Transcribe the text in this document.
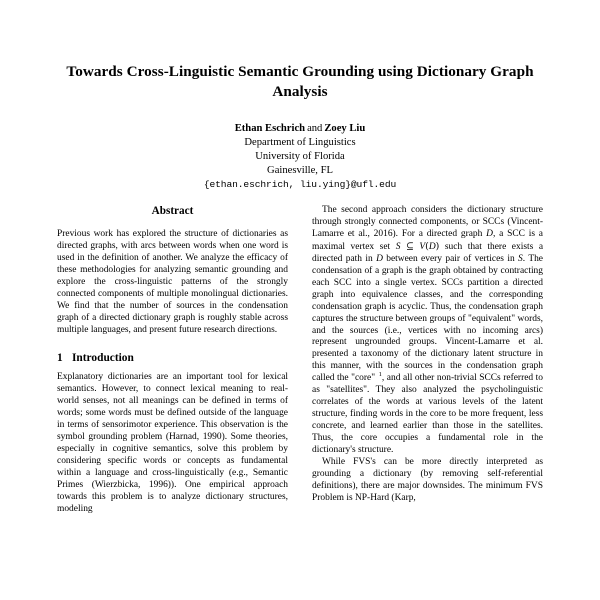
Towards Cross-Linguistic Semantic Grounding using Dictionary Graph Analysis
Ethan Eschrich and Zoey Liu
Department of Linguistics
University of Florida
Gainesville, FL
{ethan.eschrich, liu.ying}@ufl.edu
Abstract

Previous work has explored the structure of dictionaries as directed graphs, with arcs between words when one word is used in the definition of another. We analyze the efficacy of these methodologies for analyzing semantic grounding and explore the cross-linguistic patterns of the strongly connected components of multiple monolingual dictionaries. We find that the number of sources in the condensation graph of a directed dictionary graph is roughly stable across multiple languages, and present future research directions.

1 Introduction

Explanatory dictionaries are an important tool for lexical semantics. However, to connect lexical meaning to real-world senses, not all meanings can be defined in terms of words; some words must be defined outside of the language in terms of sensorimotor experience. This observation is the symbol grounding problem (Harnad, 1990). Some theories, especially in cognitive semantics, solve this problem by considering specific words or concepts as fundamental within a language and cross-linguistically (e.g., Semantic Primes (Wierzbicka, 1996)). One empirical approach towards this problem is to analyze dictionary structures, modeling

The second approach considers the dictionary structure through strongly connected components, or SCCs (Vincent-Lamarre et al., 2016). For a directed graph D, a SCC is a maximal vertex set S ⊆ V(D) such that there exists a directed path in D between every pair of vertices in S. The condensation of a graph is the graph obtained by contracting each SCC into a single vertex. SCCs partition a directed graph into equivalence classes, and the corresponding condensation graph is acyclic. Thus, the condensation graph captures the structure between groups of "equivalent" words, and the sources (i.e., vertices with no incoming arcs) represent ungrounded groups. Vincent-Lamarre et al. presented a taxonomy of the dictionary latent structure in this manner, with the sources in the condensation graph called the "core" $^1$, and all other non-trivial SCCs referred to as "satellites". They also analyzed the psycholinguistic correlates of the words at various levels of the latent structure, finding words in the core to be more frequent, less concrete, and learned earlier than those in the satellites. Thus, the core occupies a fundamental role in the dictionary's structure.

While FVS's can be more directly interpreted as grounding a dictionary (by removing self-referential definitions), there are major downsides. The minimum FVS Problem is NP-Hard (Karp,
